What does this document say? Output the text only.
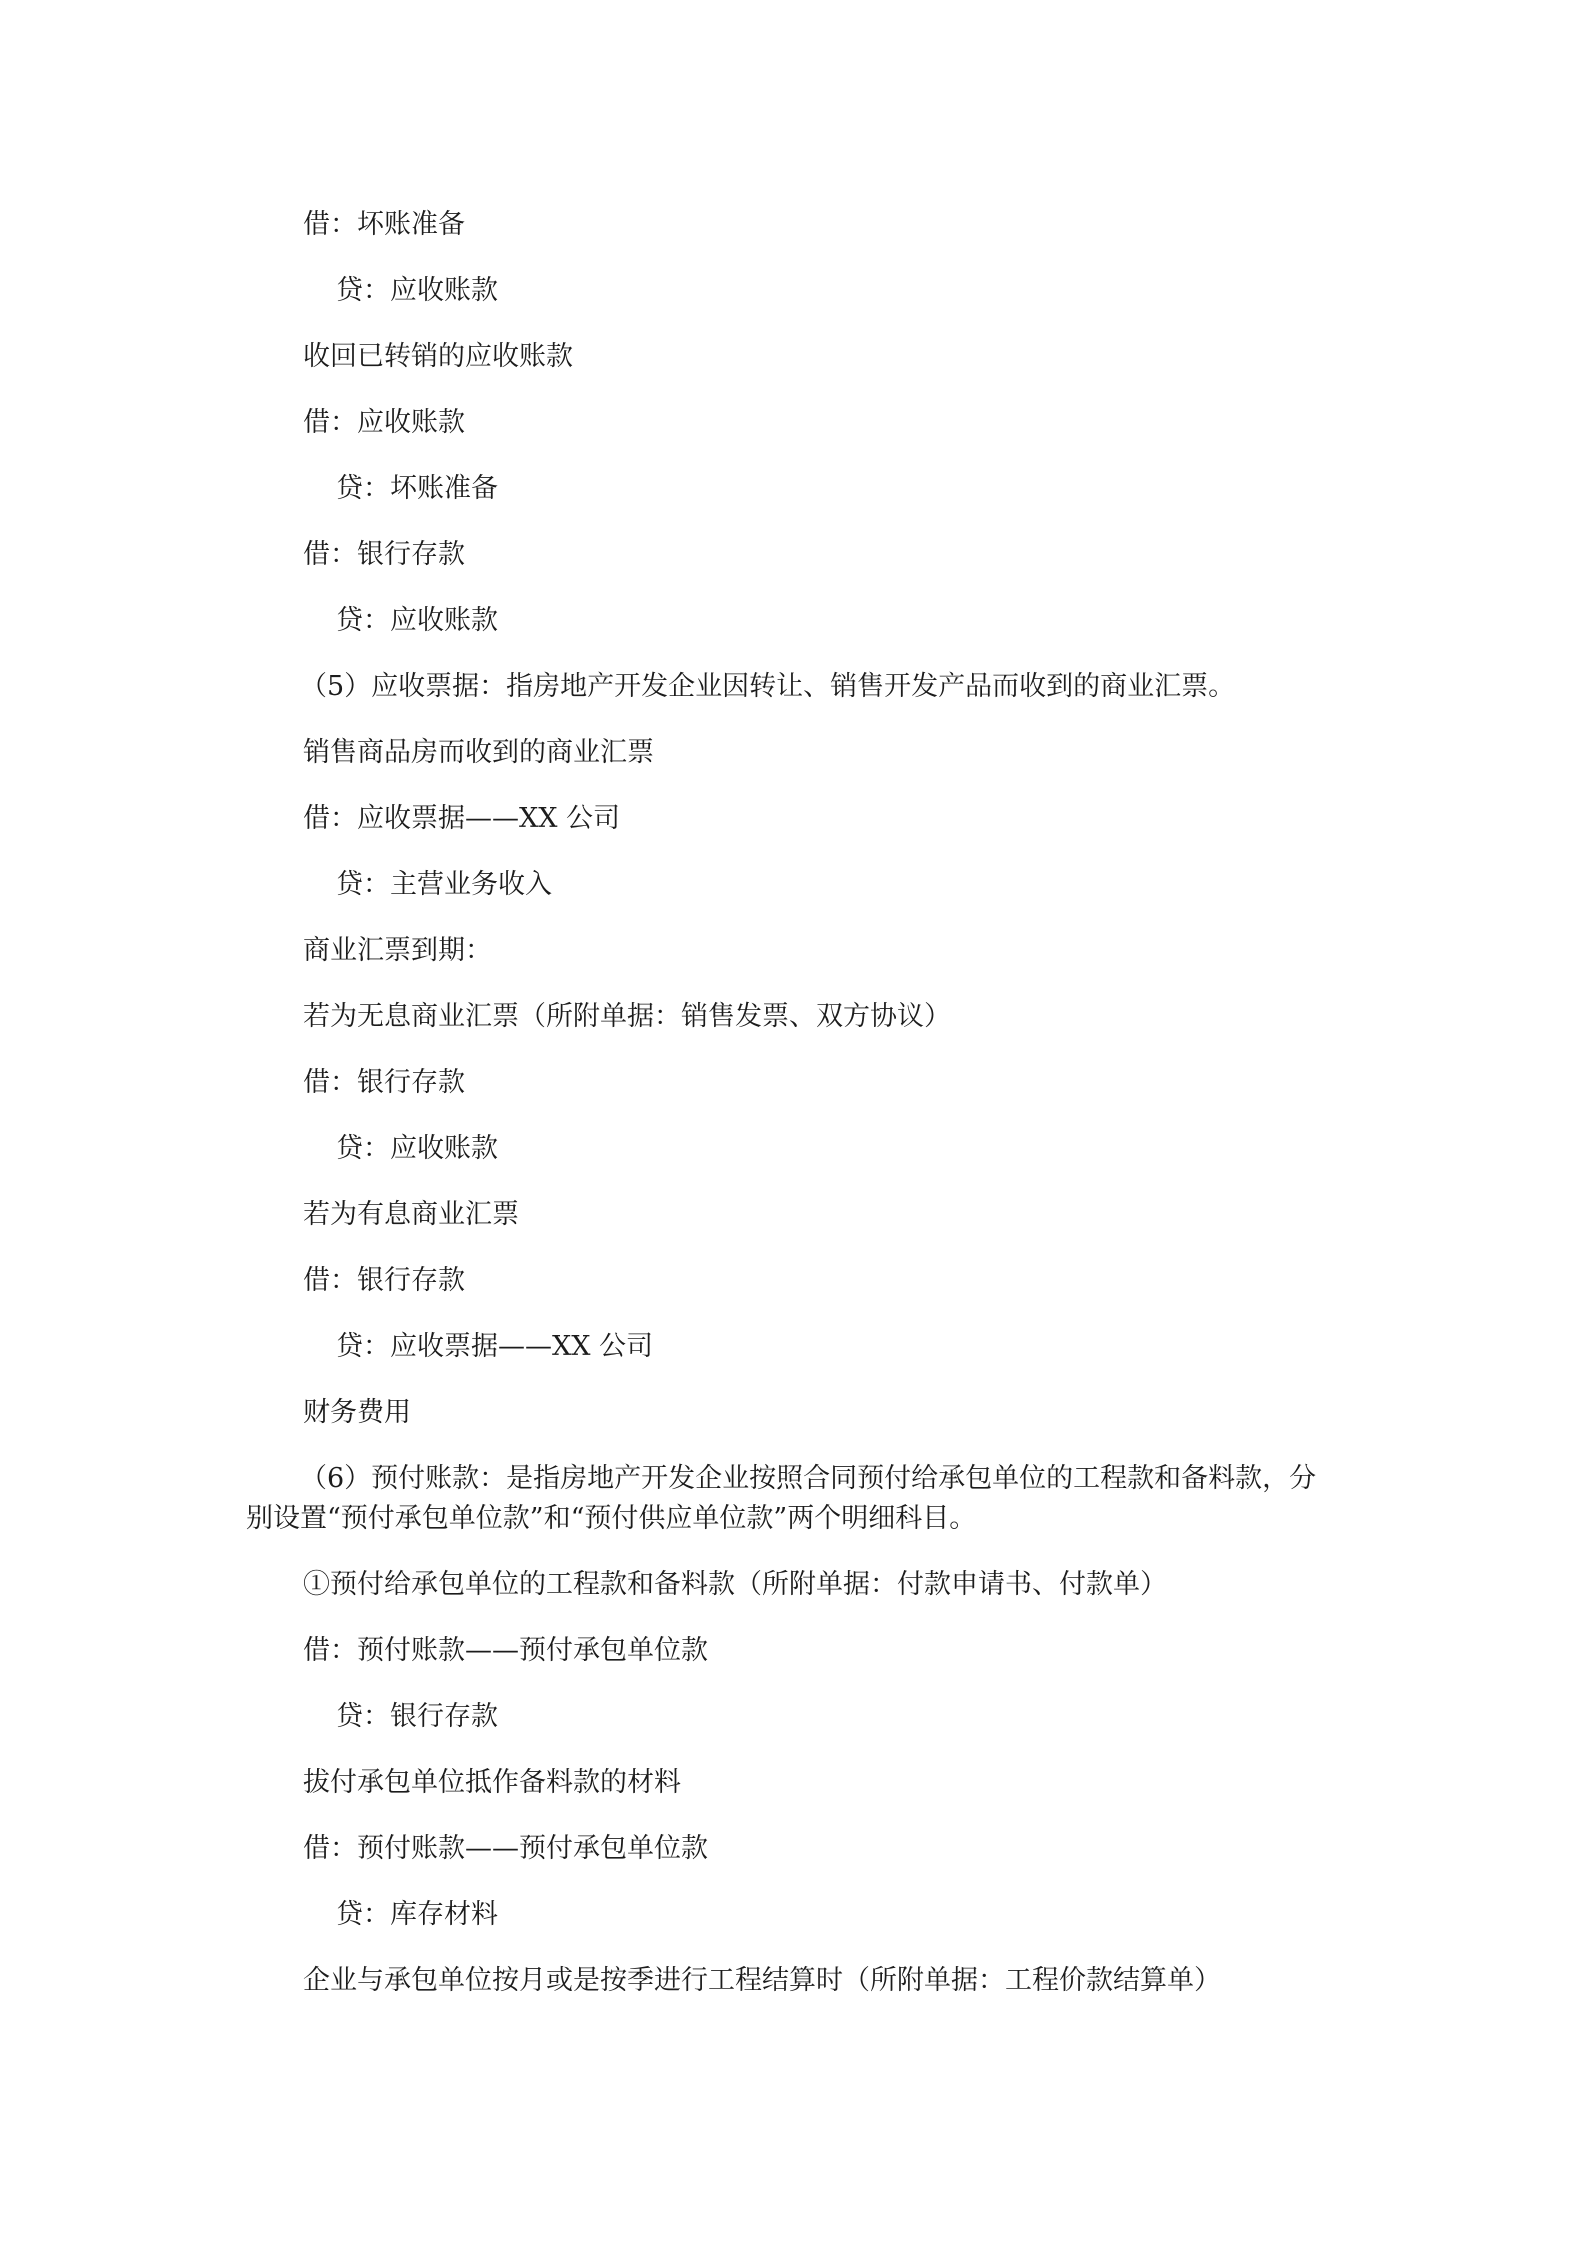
借：坏账准备
贷：应收账款
收回已转销的应收账款
借：应收账款
贷：坏账准备
借：银行存款
贷：应收账款
（5）应收票据：指房地产开发企业因转让、销售开发产品而收到的商业汇票。
销售商品房而收到的商业汇票
借：应收票据——XX 公司
贷：主营业务收入
商业汇票到期：
若为无息商业汇票（所附单据：销售发票、双方协议）
借：银行存款
贷：应收账款
若为有息商业汇票
借：银行存款
贷：应收票据——XX 公司
财务费用
（6）预付账款：是指房地产开发企业按照合同预付给承包单位的工程款和备料款，分
别设置“预付承包单位款”和“预付供应单位款”两个明细科目。
①预付给承包单位的工程款和备料款（所附单据：付款申请书、付款单）
借：预付账款——预付承包单位款
贷：银行存款
拔付承包单位抵作备料款的材料
借：预付账款——预付承包单位款
贷：库存材料
企业与承包单位按月或是按季进行工程结算时（所附单据：工程价款结算单）
